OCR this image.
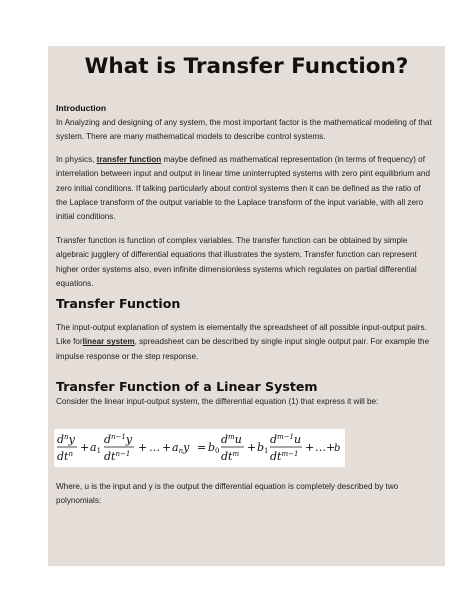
What is Transfer Function?

Introduction

In Analyzing and designing of any system, the most important factor is the mathematical modeling of that system. There are many mathematical models to describe control systems.

In physics, transfer function maybe defined as mathematical representation (in terms of frequency) of interrelation between input and output in linear time uninterrupted systems with zero pint equilibrium and zero initial conditions. If talking particularly about control systems then it can be defined as the ratio of the Laplace transform of the output variable to the Laplace transform of the input variable, with all zero initial conditions.

Transfer function is function of complex variables. The transfer function can be obtained by simple algebraic jugglery of differential equations that illustrates the system. Transfer function can represent higher order systems also, even infinite dimensionless systems which regulates on partial differential equations.

Transfer Function

The input-output explanation of system is elementally the spreadsheet of all possible input-output pairs. Like forlinear system, spreadsheet can be described by single input single output pair. For example the impulse response or the step response.

Transfer Function of a Linear System

Consider the linear input-output system, the differential equation (1) that express it will be:

$d^ny$
$dt^n + a1$
$d^{n-1}y$
$dt^{n-1}$ + … + any = b0
$d^mu$
$dt^m + b1$
$d^{m-1}u$
$dt^{m-1}$ + … +
b

Where, u is the input and y is the output the differential equation is completely described by two polynomials:
